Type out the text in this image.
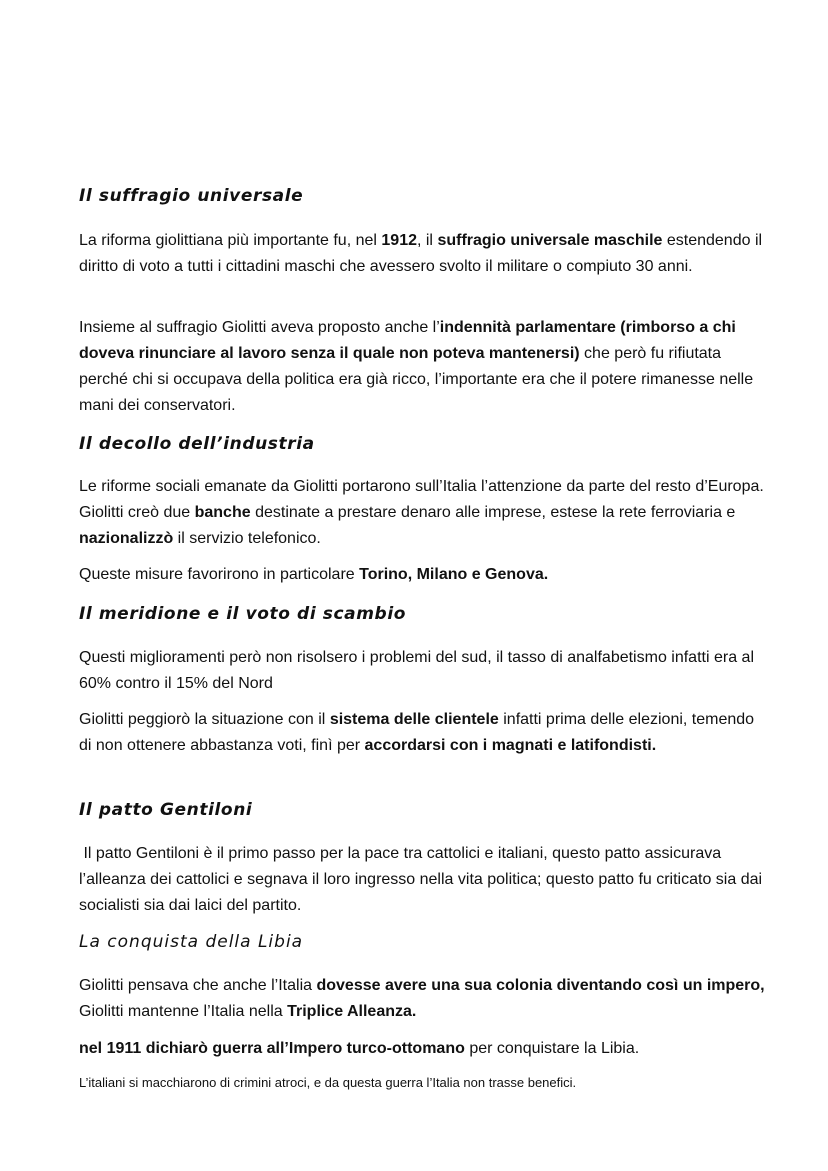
Il suffragio universale

La riforma giolittiana più importante fu, nel 1912, il suffragio universale maschile estendendo il diritto di voto a tutti i cittadini maschi che avessero svolto il militare o compiuto 30 anni.

Insieme al suffragio Giolitti aveva proposto anche l’indennità parlamentare (rimborso a chi doveva rinunciare al lavoro senza il quale non poteva mantenersi) che però fu rifiutata perché chi si occupava della politica era già ricco, l’importante era che il potere rimanesse nelle mani dei conservatori.

Il decollo dell’industria

Le riforme sociali emanate da Giolitti portarono sull’Italia l’attenzione da parte del resto d’Europa. Giolitti creò due banche destinate a prestare denaro alle imprese, estese la rete ferroviaria e nazionalizzò il servizio telefonico.

Queste misure favorirono in particolare Torino, Milano e Genova.

Il meridione e il voto di scambio

Questi miglioramenti però non risolsero i problemi del sud, il tasso di analfabetismo infatti era al 60% contro il 15% del Nord

Giolitti peggiorò la situazione con il sistema delle clientele infatti prima delle elezioni, temendo di non ottenere abbastanza voti, finì per accordarsi con i magnati e latifondisti.

Il patto Gentiloni

Il patto Gentiloni è il primo passo per la pace tra cattolici e italiani, questo patto assicurava l’alleanza dei cattolici e segnava il loro ingresso nella vita politica; questo patto fu criticato sia dai socialisti sia dai laici del partito.

La conquista della Libia

Giolitti pensava che anche l’Italia dovesse avere una sua colonia diventando così un impero, Giolitti mantenne l’Italia nella Triplice Alleanza.

nel 1911 dichiarò guerra all’Impero turco-ottomano per conquistare la Libia.

L’italiani si macchiarono di crimini atroci, e da questa guerra l’Italia non trasse benefici.
